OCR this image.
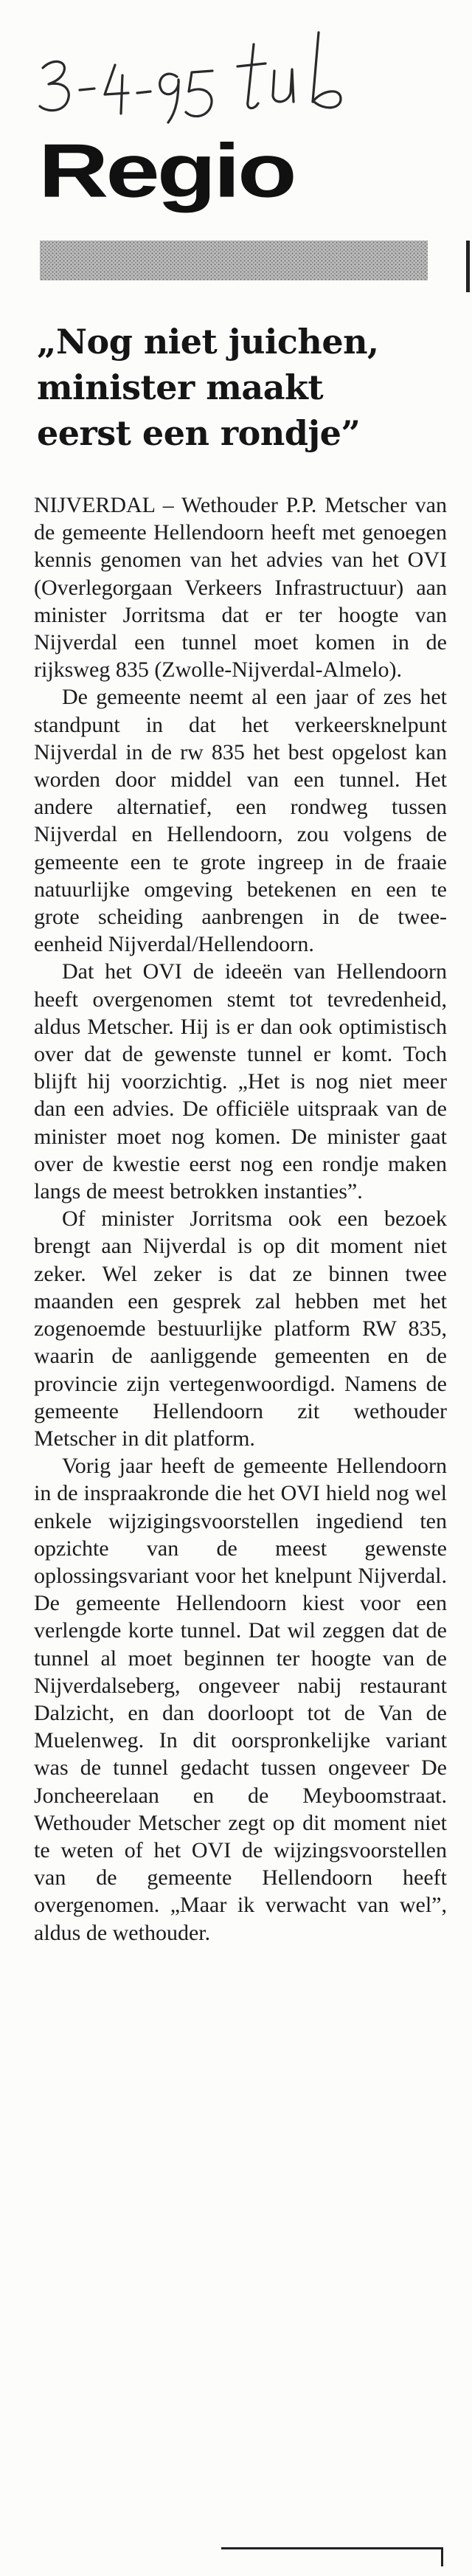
Regio
„Nog niet juichen,
minister maakt
eerst een rondje”

NIJVERDAL – Wethouder P.P. Metscher van de gemeente Hellendoorn heeft met genoegen kennis genomen van het advies van het OVI (Overlegorgaan Verkeers Infrastructuur) aan minister Jorritsma dat er ter hoogte van Nijverdal een tunnel moet komen in de rijksweg 835 (Zwolle-Nijverdal-Almelo).

De gemeente neemt al een jaar of zes het standpunt in dat het verkeersknelpunt Nijverdal in de rw 835 het best opgelost kan worden door middel van een tunnel. Het andere alternatief, een rondweg tussen Nijverdal en Hellendoorn, zou volgens de gemeente een te grote ingreep in de fraaie natuurlijke omgeving betekenen en een te grote scheiding aanbrengen in de twee-eenheid Nijverdal/Hellendoorn.

Dat het OVI de ideeën van Hellendoorn heeft overgenomen stemt tot tevredenheid, aldus Metscher. Hij is er dan ook optimistisch over dat de gewenste tunnel er komt. Toch blijft hij voorzichtig. „Het is nog niet meer dan een advies. De officiële uitspraak van de minister moet nog komen. De minister gaat over de kwestie eerst nog een rondje maken langs de meest betrokken instanties”.

Of minister Jorritsma ook een bezoek brengt aan Nijverdal is op dit moment niet zeker. Wel zeker is dat ze binnen twee maanden een gesprek zal hebben met het zogenoemde bestuurlijke platform RW 835, waarin de aanliggende gemeenten en de provincie zijn vertegenwoordigd. Namens de gemeente Hellendoorn zit wethouder Metscher in dit platform.

Vorig jaar heeft de gemeente Hellendoorn in de inspraakronde die het OVI hield nog wel enkele wijzigingsvoorstellen ingediend ten opzichte van de meest gewenste oplossingsvariant voor het knelpunt Nijverdal. De gemeente Hellendoorn kiest voor een verlengde korte tunnel. Dat wil zeggen dat de tunnel al moet beginnen ter hoogte van de Nijverdalseberg, ongeveer nabij restaurant Dalzicht, en dan doorloopt tot de Van de Muelenweg. In dit oorspronkelijke variant was de tunnel gedacht tussen ongeveer De Joncheerelaan en de Meyboomstraat. Wethouder Metscher zegt op dit moment niet te weten of het OVI de wijzingsvoorstellen van de gemeente Hellendoorn heeft overgenomen. „Maar ik verwacht van wel”, aldus de wethouder.
